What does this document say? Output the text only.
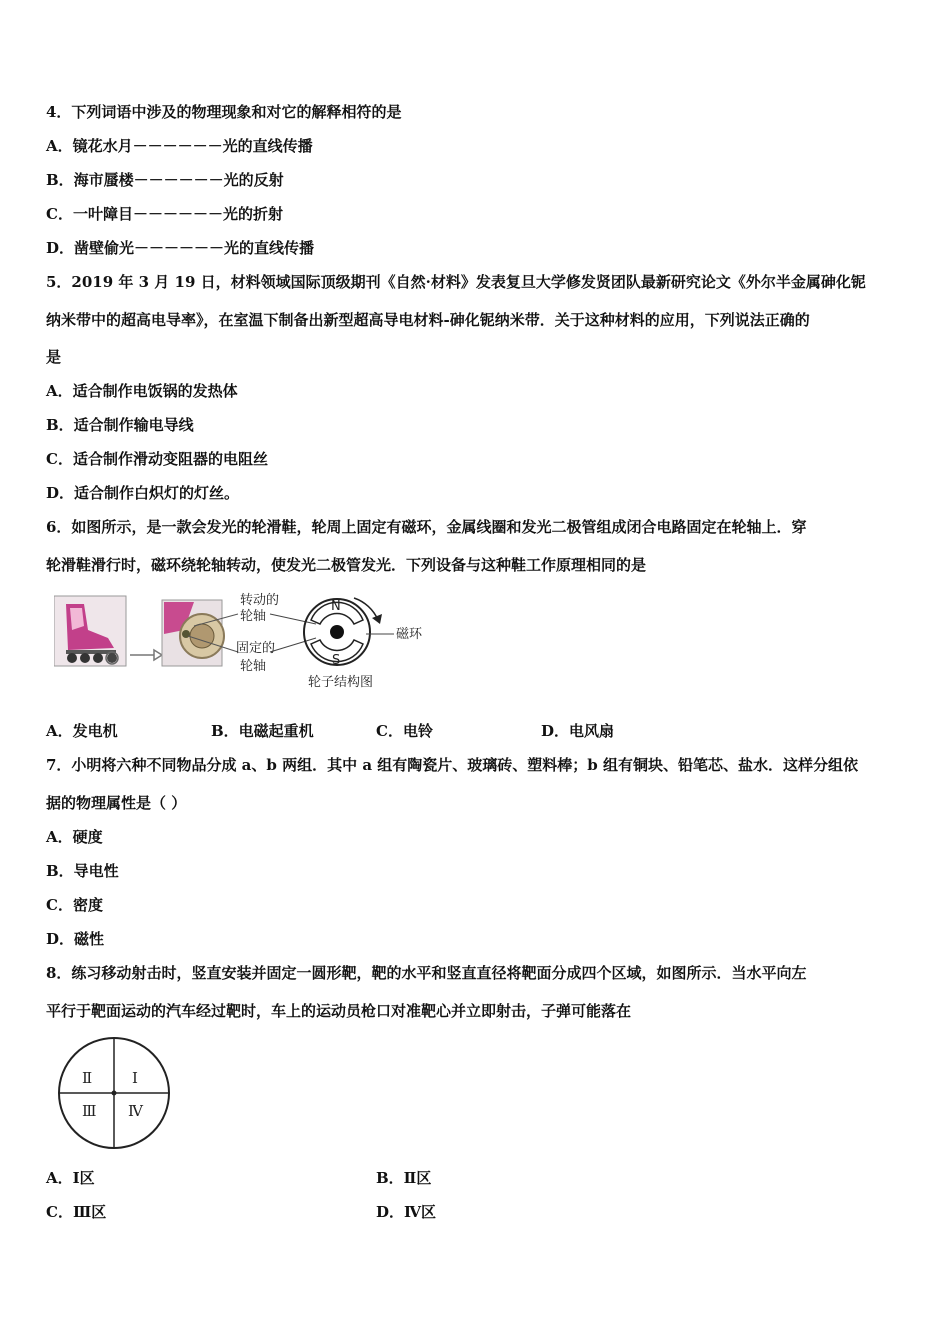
4．下列词语中涉及的物理现象和对它的解释相符的是
A．镜花水月－－－－－－光的直线传播
B．海市蜃楼－－－－－－光的反射
C．一叶障目－－－－－－光的折射
D．凿壁偷光－－－－－－光的直线传播
5．2019 年 3 月 19 日，材料领域国际顶级期刊《自然·材料》发表复旦大学修发贤团队最新研究论文《外尔半金属砷化铌
纳米带中的超高电导率》，在室温下制备出新型超高导电材料-砷化铌纳米带．关于这种材料的应用，下列说法正确的
是
A．适合制作电饭锅的发热体
B．适合制作输电导线
C．适合制作滑动变阻器的电阻丝
D．适合制作白炽灯的灯丝。
6．如图所示，是一款会发光的轮滑鞋，轮周上固定有磁环，金属线圈和发光二极管组成闭合电路固定在轮轴上．穿
轮滑鞋滑行时，磁环绕轮轴转动，使发光二极管发光．下列设备与这种鞋工作原理相同的是
转动的
轮轴
固定的
轮轴
N
S
磁环
轮子结构图
A．发电机	B．电磁起重机	C．电铃	D．电风扇
7．小明将六种不同物品分成 a、b 两组．其中 a 组有陶瓷片、玻璃砖、塑料棒；b 组有铜块、铅笔芯、盐水．这样分组依
据的物理属性是（ ）
A．硬度
B．导电性
C．密度
D．磁性
8．练习移动射击时，竖直安装并固定一圆形靶，靶的水平和竖直直径将靶面分成四个区域，如图所示．当水平向左
平行于靶面运动的汽车经过靶时，车上的运动员枪口对准靶心并立即射击，子弹可能落在
Ⅱ	Ⅰ
Ⅲ Ⅳ
A．Ⅰ区	B．Ⅱ区
C．Ⅲ区	D．Ⅳ区
